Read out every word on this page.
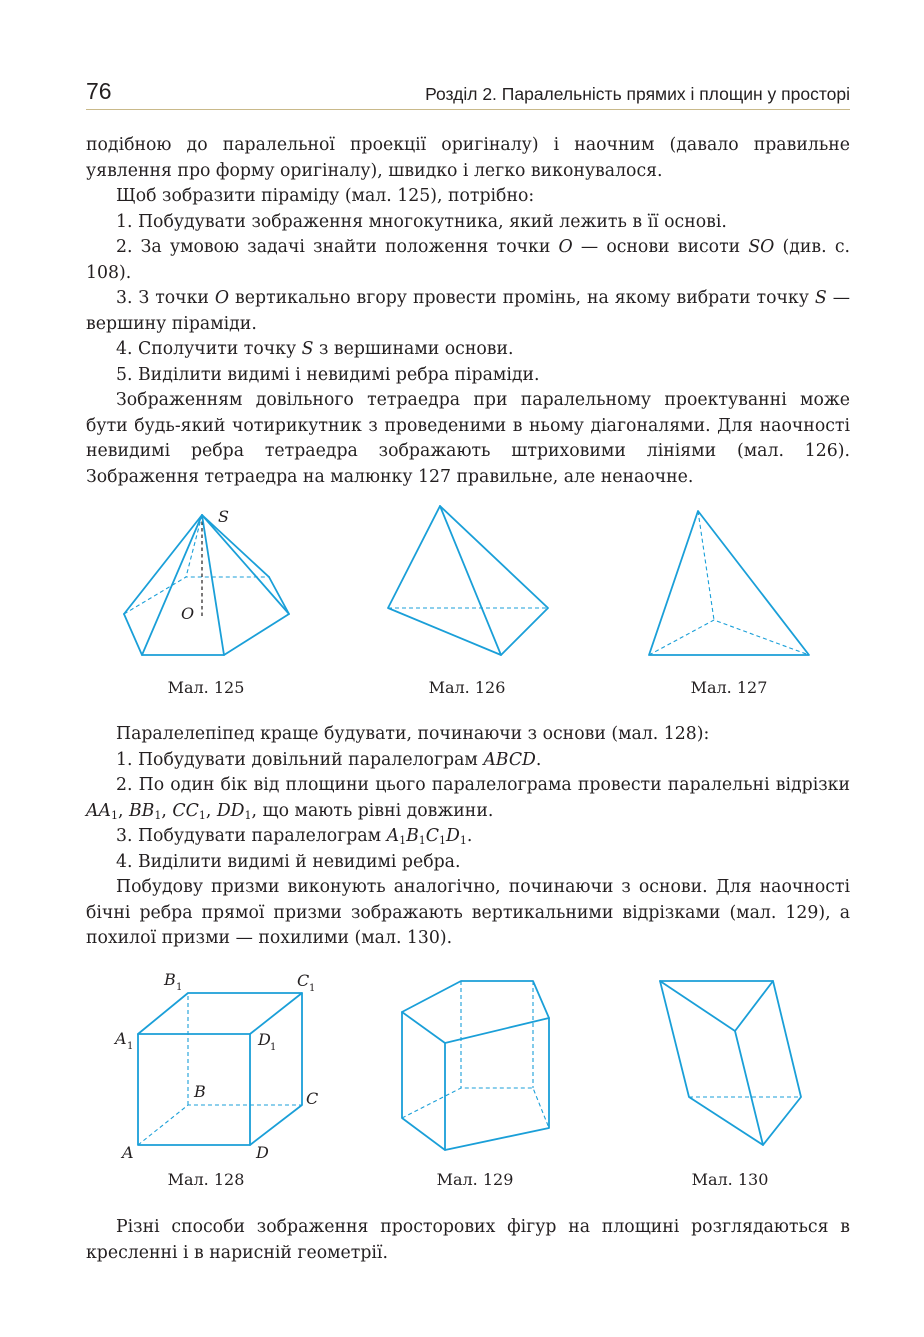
76	Розділ 2. Паралельність прямих і площин у просторі

подібною до паралельної проекції оригіналу) і наочним (давало правильне уявлення про форму оригіналу), швидко і легко виконувалося.

Щоб зобразити піраміду (мал. 125), потрібно:

1. Побудувати зображення многокутника, який лежить в її основі.

2. За умовою задачі знайти положення точки O — основи висоти SO (див. с. 108).

3. З точки O вертикально вгору провести промінь, на якому вибрати точку S — вершину піраміди.

4. Сполучити точку S з вершинами основи.

5. Виділити видимі і невидимі ребра піраміди.

Зображенням довільного тетраедра при паралельному проектуванні може бути будь-який чотирикутник з проведеними в ньому діагоналями. Для наочності невидимі ребра тетраедра зображають штриховими лініями (мал. 126). Зображення тетраедра на малюнку 127 правильне, але ненаочне.

S
O
Мал. 125	Мал. 126	Мал. 127

Паралелепіпед краще будувати, починаючи з основи (мал. 128):

1. Побудувати довільний паралелограм ABCD.

2. По один бік від площини цього паралелограма провести паралельні відрізки $AA_1$, $BB_1$, $CC_1$, $DD_1$, що мають рівні довжини.

3. Побудувати паралелограм $A_1B_1C_1D_1$.

4. Виділити видимі й невидимі ребра.

Побудову призми виконують аналогічно, починаючи з основи. Для наочності бічні ребра прямої призми зображають вертикальними відрізками (мал. 129), а похилої призми — похилими (мал. 130).

A
B	C
D
A 1
B 1	C 1
D 1
Мал. 128	Мал. 129	Мал. 130

Різні способи зображення просторових фігур на площині розглядаються в кресленні і в нарисній геометрії.
